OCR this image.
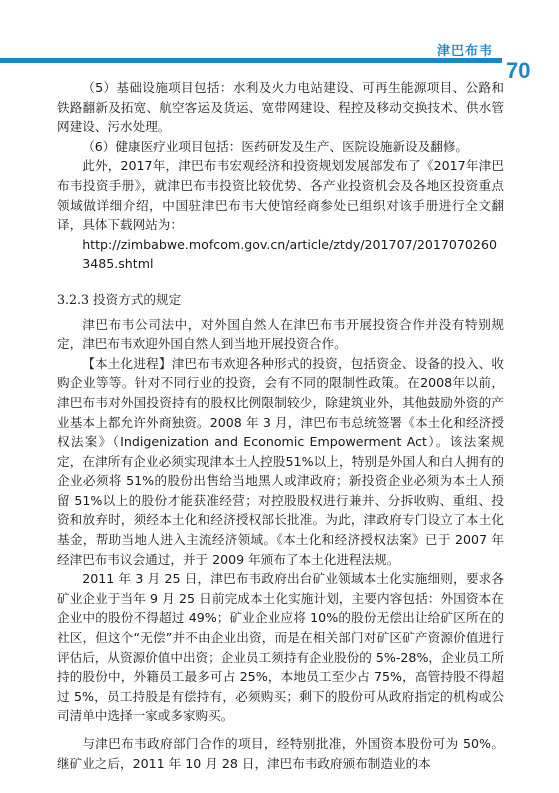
津巴布韦
70

（5）基础设施项目包括：水利及火力电站建设、可再生能源项目、公路和铁路翻新及拓宽、航空客运及货运、宽带网建设、程控及移动交换技术、供水管网建设、污水处理。

（6）健康医疗业项目包括：医药研发及生产、医院设施新设及翻修。

此外，2017年，津巴布韦宏观经济和投资规划发展部发布了《2017年津巴布韦投资手册》，就津巴布韦投资比较优势、各产业投资机会及各地区投资重点领域做详细介绍，中国驻津巴布韦大使馆经商参处已组织对该手册进行全文翻译，具体下载网站为：

http://zimbabwe.mofcom.gov.cn/article/ztdy/201707/20170702603485.shtml

3.2.3 投资方式的规定

津巴布韦公司法中，对外国自然人在津巴布韦开展投资合作并没有特别规定，津巴布韦欢迎外国自然人到当地开展投资合作。

【本土化进程】津巴布韦欢迎各种形式的投资，包括资金、设备的投入、收购企业等等。针对不同行业的投资，会有不同的限制性政策。在2008年以前，津巴布韦对外国投资持有的股权比例限制较少，除建筑业外，其他鼓励外资的产业基本上都允许外商独资。2008 年 3 月，津巴布韦总统签署《本土化和经济授权法案》（Indigenization and Economic Empowerment Act）。该法案规定，在津所有企业必须实现津本土人控股51%以上，特别是外国人和白人拥有的企业必须将 51%的股份出售给当地黑人或津政府；新投资企业必须为本土人预留 51%以上的股份才能获准经营；对控股股权进行兼并、分拆收购、重组、投资和放弃时，须经本土化和经济授权部长批准。为此，津政府专门设立了本土化基金，帮助当地人进入主流经济领域。《本土化和经济授权法案》已于 2007 年经津巴布韦议会通过，并于 2009 年颁布了本土化进程法规。

2011 年 3 月 25 日，津巴布韦政府出台矿业领域本土化实施细则，要求各矿业企业于当年 9 月 25 日前完成本土化实施计划，主要内容包括：外国资本在企业中的股份不得超过 49%；矿业企业应将 10%的股份无偿出让给矿区所在的社区，但这个“无偿”并不由企业出资，而是在相关部门对矿区矿产资源价值进行评估后，从资源价值中出资；企业员工须持有企业股份的 5%-28%，企业员工所持的股份中，外籍员工最多可占 25%，本地员工至少占 75%，高管持股不得超过 5%，员工持股是有偿持有，必须购买；剩下的股份可从政府指定的机构或公司清单中选择一家或多家购买。

与津巴布韦政府部门合作的项目，经特别批准，外国资本股份可为 50%。继矿业之后，2011 年 10 月 28 日，津巴布韦政府颁布制造业的本
